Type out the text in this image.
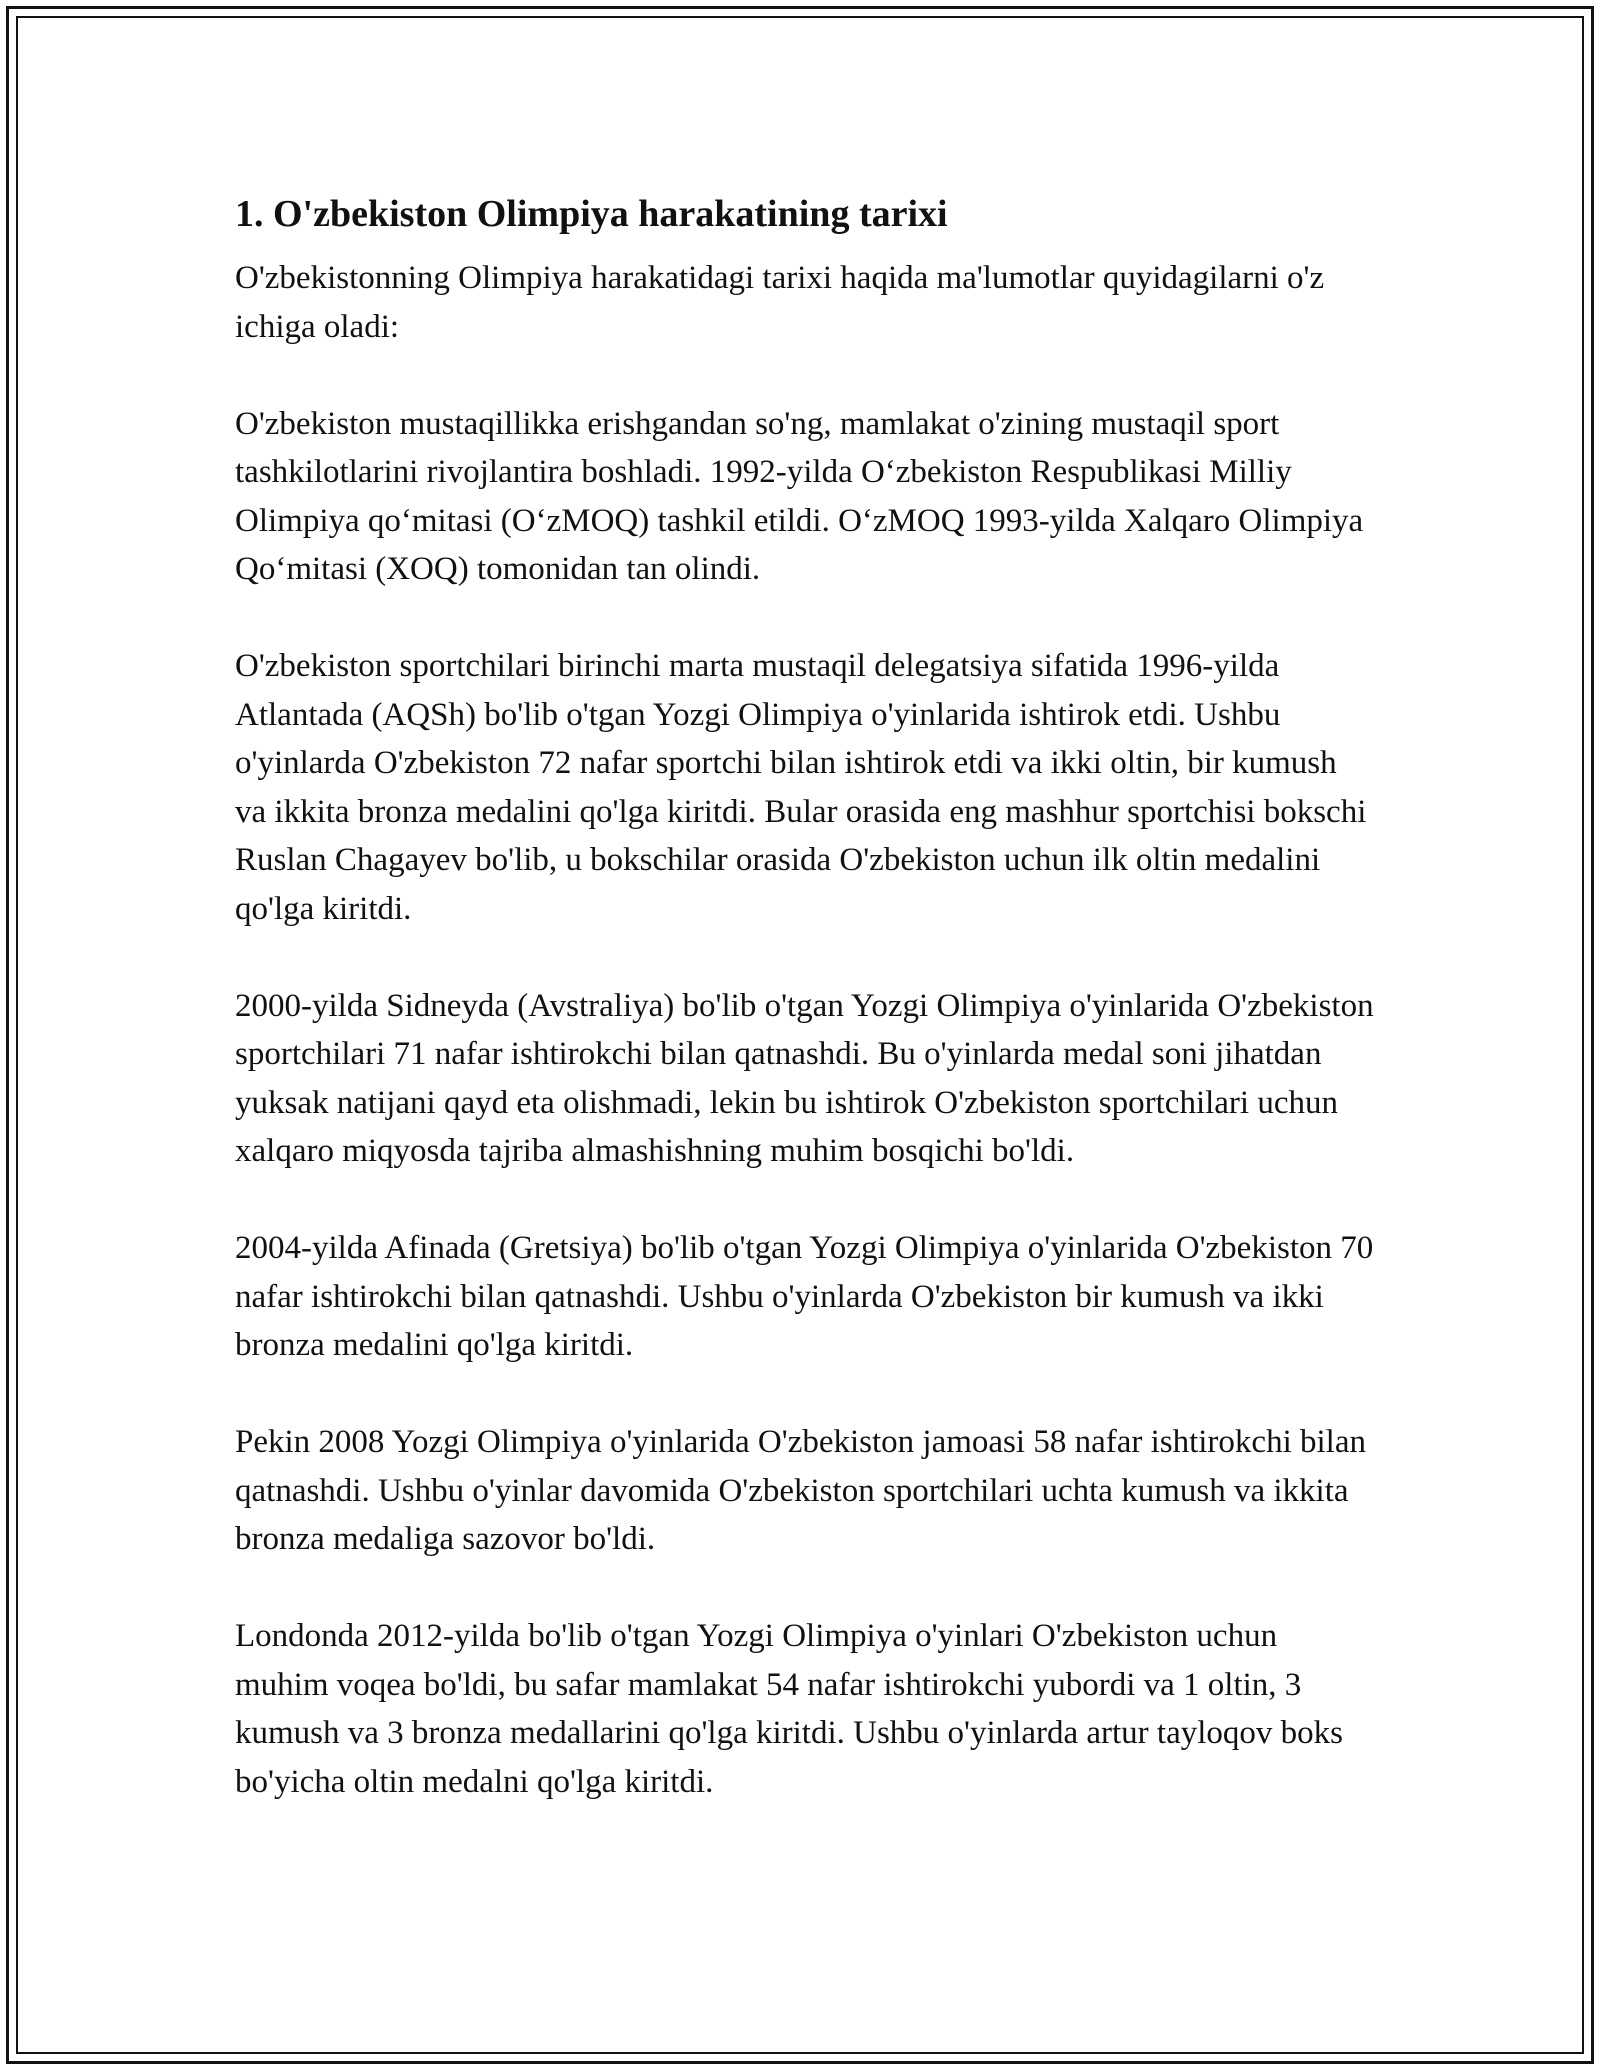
1. O'zbekiston Olimpiya harakatining tarixi

O'zbekistonning Olimpiya harakatidagi tarixi haqida ma'lumotlar quyidagilarni o'z ichiga oladi:

O'zbekiston mustaqillikka erishgandan so'ng, mamlakat o'zining mustaqil sport tashkilotlarini rivojlantira boshladi. 1992-yilda O‘zbekiston Respublikasi Milliy Olimpiya qo‘mitasi (O‘zMOQ) tashkil etildi. O‘zMOQ 1993-yilda Xalqaro Olimpiya Qo‘mitasi (XOQ) tomonidan tan olindi.

O'zbekiston sportchilari birinchi marta mustaqil delegatsiya sifatida 1996-yilda Atlantada (AQSh) bo'lib o'tgan Yozgi Olimpiya o'yinlarida ishtirok etdi. Ushbu o'yinlarda O'zbekiston 72 nafar sportchi bilan ishtirok etdi va ikki oltin, bir kumush va ikkita bronza medalini qo'lga kiritdi. Bular orasida eng mashhur sportchisi bokschi Ruslan Chagayev bo'lib, u bokschilar orasida O'zbekiston uchun ilk oltin medalini qo'lga kiritdi.

2000-yilda Sidneyda (Avstraliya) bo'lib o'tgan Yozgi Olimpiya o'yinlarida O'zbekiston sportchilari 71 nafar ishtirokchi bilan qatnashdi. Bu o'yinlarda medal soni jihatdan yuksak natijani qayd eta olishmadi, lekin bu ishtirok O'zbekiston sportchilari uchun xalqaro miqyosda tajriba almashishning muhim bosqichi bo'ldi.

2004-yilda Afinada (Gretsiya) bo'lib o'tgan Yozgi Olimpiya o'yinlarida O'zbekiston 70 nafar ishtirokchi bilan qatnashdi. Ushbu o'yinlarda O'zbekiston bir kumush va ikki bronza medalini qo'lga kiritdi.

Pekin 2008 Yozgi Olimpiya o'yinlarida O'zbekiston jamoasi 58 nafar ishtirokchi bilan qatnashdi. Ushbu o'yinlar davomida O'zbekiston sportchilari uchta kumush va ikkita bronza medaliga sazovor bo'ldi.

Londonda 2012-yilda bo'lib o'tgan Yozgi Olimpiya o'yinlari O'zbekiston uchun muhim voqea bo'ldi, bu safar mamlakat 54 nafar ishtirokchi yubordi va 1 oltin, 3 kumush va 3 bronza medallarini qo'lga kiritdi. Ushbu o'yinlarda artur tayloqov boks bo'yicha oltin medalni qo'lga kiritdi.
